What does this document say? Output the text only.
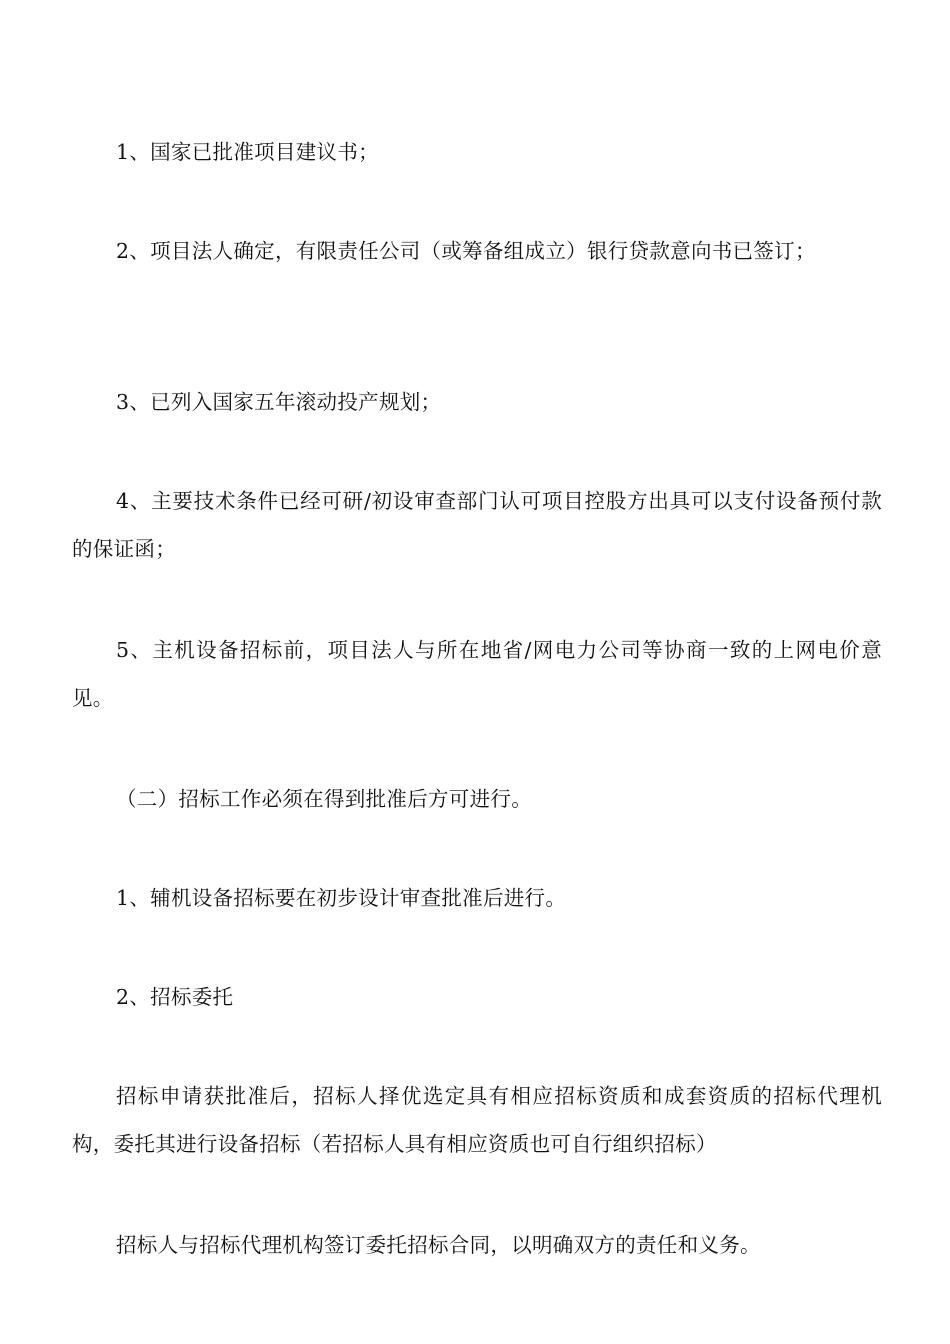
1、国家已批准项目建议书；

2、项目法人确定，有限责任公司（或筹备组成立）银行贷款意向书已签订；

3、已列入国家五年滚动投产规划；

4、主要技术条件已经可研/初设审查部门认可项目控股方出具可以支付设备预付款的保证函；

5、主机设备招标前，项目法人与所在地省/网电力公司等协商一致的上网电价意见。

（二）招标工作必须在得到批准后方可进行。

1、辅机设备招标要在初步设计审查批准后进行。

2、招标委托

招标申请获批准后，招标人择优选定具有相应招标资质和成套资质的招标代理机构，委托其进行设备招标（若招标人具有相应资质也可自行组织招标）

招标人与招标代理机构签订委托招标合同，以明确双方的责任和义务。
